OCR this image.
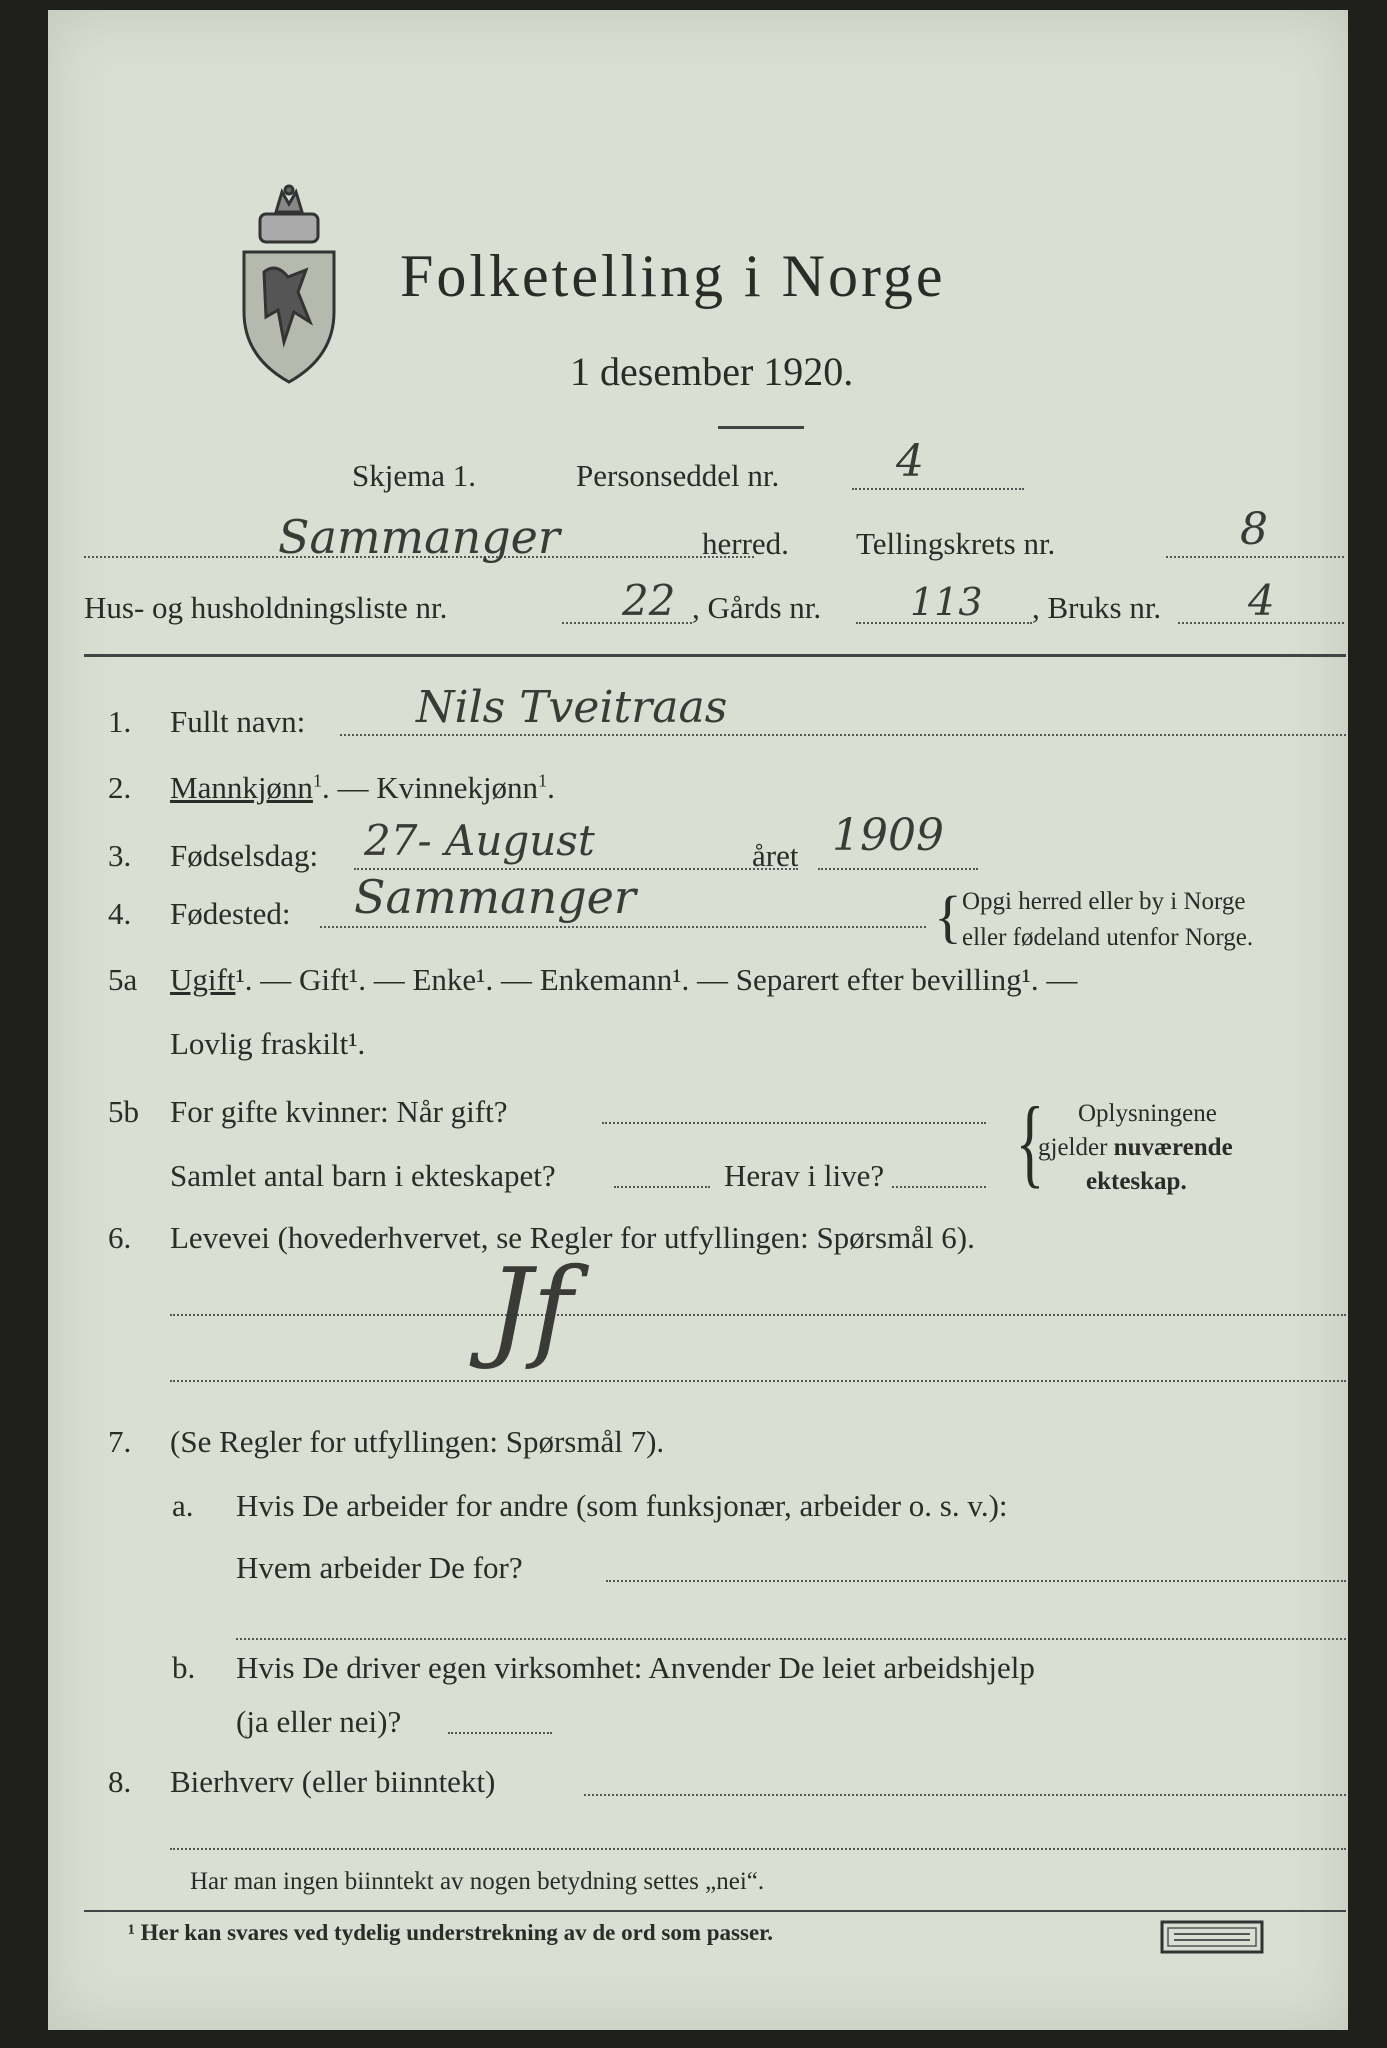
Folketelling i Norge
1 desember 1920.
Skjema 1.	Personseddel nr.	4
Sammanger	herred. Tellingskrets nr.	8
Hus- og husholdningsliste nr.	22 , Gårds nr. 113 , Bruks nr. 4
1. Fullt navn:	Nils Tveitraas
2. Mannkjønn$^1$. — Kvinnekjønn$^1$.
3. Fødselsdag: 27- August	året 1909
4. Fødested: Sammanger	{ Opgi herred eller by i Norge
eller fødeland utenfor Norge.
5a Ugift¹. — Gift¹. — Enke¹. — Enkemann¹. — Separert efter bevilling¹. —
Lovlig fraskilt¹.
5b For gifte kvinner: Når gift?
Samlet antal barn i ekteskapet?	Herav i live? { Oplysningene
gjelder nuværende
ekteskap.
6. Levevei (hovederhvervet, se Regler for utfyllingen: Spørsmål 6).
Jf
7. (Se Regler for utfyllingen: Spørsmål 7).
a. Hvis De arbeider for andre (som funksjonær, arbeider o. s. v.):
Hvem arbeider De for?
b. Hvis De driver egen virksomhet: Anvender De leiet arbeidshjelp
(ja eller nei)?
8. Bierhverv (eller biinntekt)
Har man ingen biinntekt av nogen betydning settes „nei“.
¹ Her kan svares ved tydelig understrekning av de ord som passer.
